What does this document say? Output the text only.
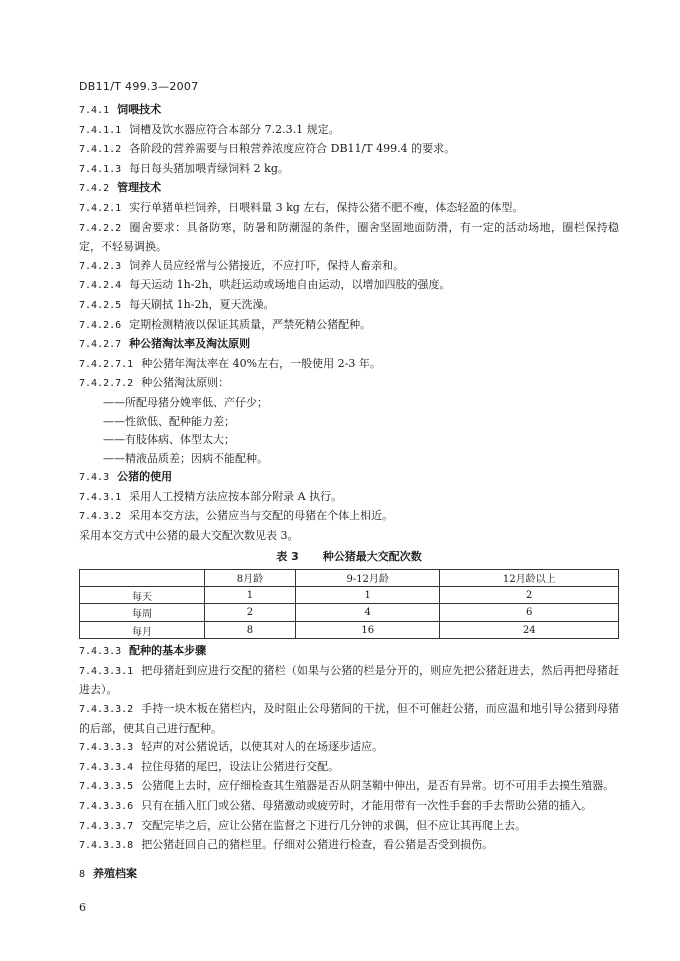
DB11/T 499.3—2007
7.4.1 饲喂技术
7.4.1.1 饲槽及饮水器应符合本部分 7.2.3.1 规定。
7.4.1.2 各阶段的营养需要与日粮营养浓度应符合 DB11/T 499.4 的要求。
7.4.1.3 每日每头猪加喂青绿饲料 2 kg。
7.4.2 管理技术
7.4.2.1 实行单猪单栏饲养，日喂料量 3 kg 左右，保持公猪不肥不瘦，体态轻盈的体型。
7.4.2.2 圈舍要求：具备防寒，防暑和防潮湿的条件，圈舍坚固地面防滑，有一定的活动场地，圈栏保持稳定，不轻易调换。
7.4.2.3 饲养人员应经常与公猪接近，不应打吓，保持人畜亲和。
7.4.2.4 每天运动 1h-2h，哄赶运动或场地自由运动，以增加四肢的强度。
7.4.2.5 每天刷拭 1h-2h，夏天洗澡。
7.4.2.6 定期检测精液以保证其质量，严禁死精公猪配种。
7.4.2.7 种公猪淘汰率及淘汰原则
7.4.2.7.1 种公猪年淘汰率在 40%左右，一般使用 2-3 年。
7.4.2.7.2 种公猪淘汰原则：
——所配母猪分娩率低、产仔少；
——性欲低、配种能力差；
——有肢体病、体型太大；
——精液品质差；因病不能配种。
7.4.3 公猪的使用
7.4.3.1 采用人工授精方法应按本部分附录 A 执行。
7.4.3.2 采用本交方法，公猪应当与交配的母猪在个体上相近。
采用本交方式中公猪的最大交配次数见表 3。
表 3 种公猪最大交配次数
	8月龄	9-12月龄	12月龄以上
每天	1	1	2
每周	2	4	6
每月	8	16	24
7.4.3.3 配种的基本步骤
7.4.3.3.1 把母猪赶到应进行交配的猪栏（如果与公猪的栏是分开的，则应先把公猪赶进去，然后再把母猪赶进去）。
7.4.3.3.2 手持一块木板在猪栏内，及时阻止公母猪间的干扰，但不可催赶公猪，而应温和地引导公猪到母猪的后部，使其自己进行配种。
7.4.3.3.3 轻声的对公猪说话，以使其对人的在场逐步适应。
7.4.3.3.4 拉住母猪的尾巴，设法让公猪进行交配。
7.4.3.3.5 公猪爬上去时，应仔细检查其生殖器是否从阴茎鞘中伸出，是否有异常。切不可用手去摸生殖器。
7.4.3.3.6 只有在插入肛门或公猪、母猪激动或疲劳时，才能用带有一次性手套的手去帮助公猪的插入。
7.4.3.3.7 交配完毕之后，应让公猪在监督之下进行几分钟的求偶，但不应让其再爬上去。
7.4.3.3.8 把公猪赶回自己的猪栏里。仔细对公猪进行检查，看公猪是否受到损伤。
8 养殖档案
6
